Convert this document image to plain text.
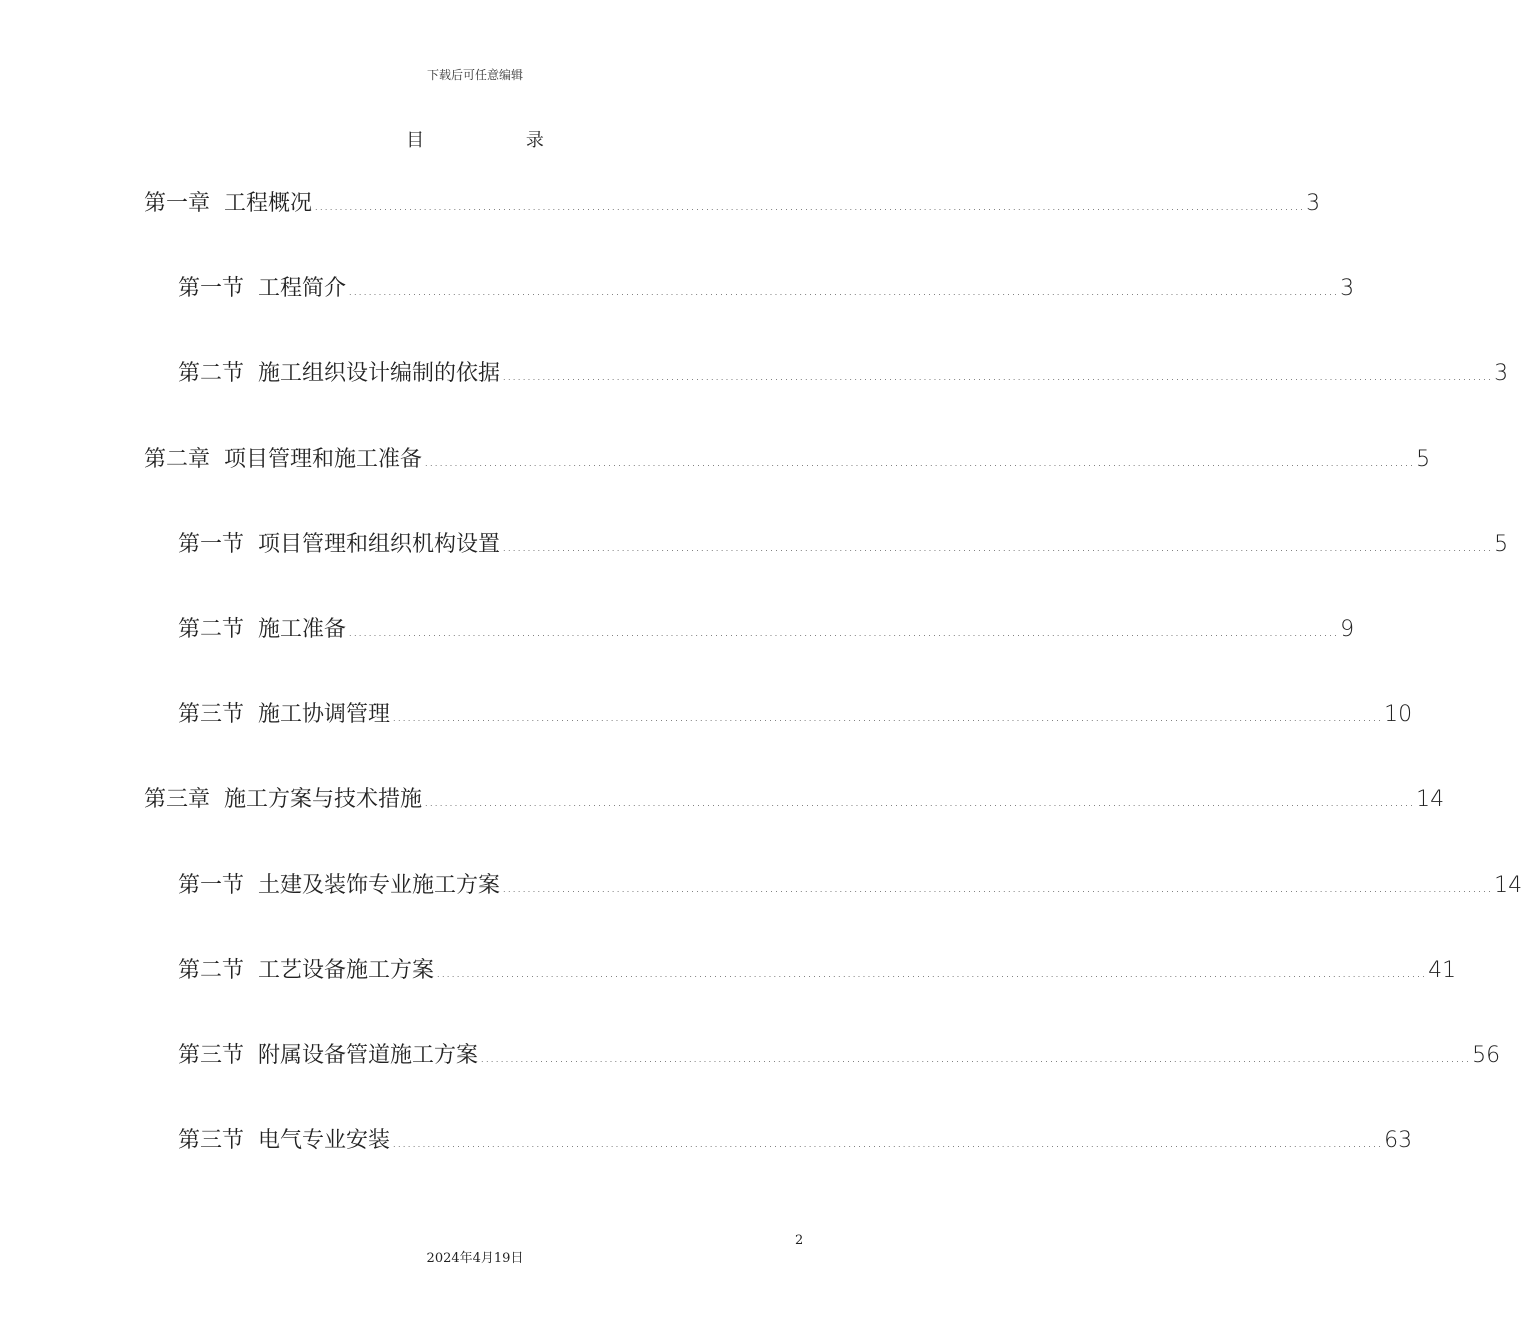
下载后可任意编辑
目 录
第一章 工程概况 ........................................................................................................................................................................................................ 3
第一节 工程简介 ........................................................................................................................................................................................................ 3
第二节 施工组织设计编制的依据 ........................................................................................................................................................................................................ 3
第二章 项目管理和施工准备 ........................................................................................................................................................................................................ 5
第一节 项目管理和组织机构设置 ........................................................................................................................................................................................................ 5
第二节 施工准备 ........................................................................................................................................................................................................ 9
第三节 施工协调管理 ........................................................................................................................................................................................................ 10
第三章 施工方案与技术措施 ........................................................................................................................................................................................................ 14
第一节 土建及装饰专业施工方案 ........................................................................................................................................................................................................ 14
第二节 工艺设备施工方案 ........................................................................................................................................................................................................ 41
第三节 附属设备管道施工方案 ........................................................................................................................................................................................................ 56
第三节 电气专业安装 ........................................................................................................................................................................................................ 63
2
2024年4月19日
